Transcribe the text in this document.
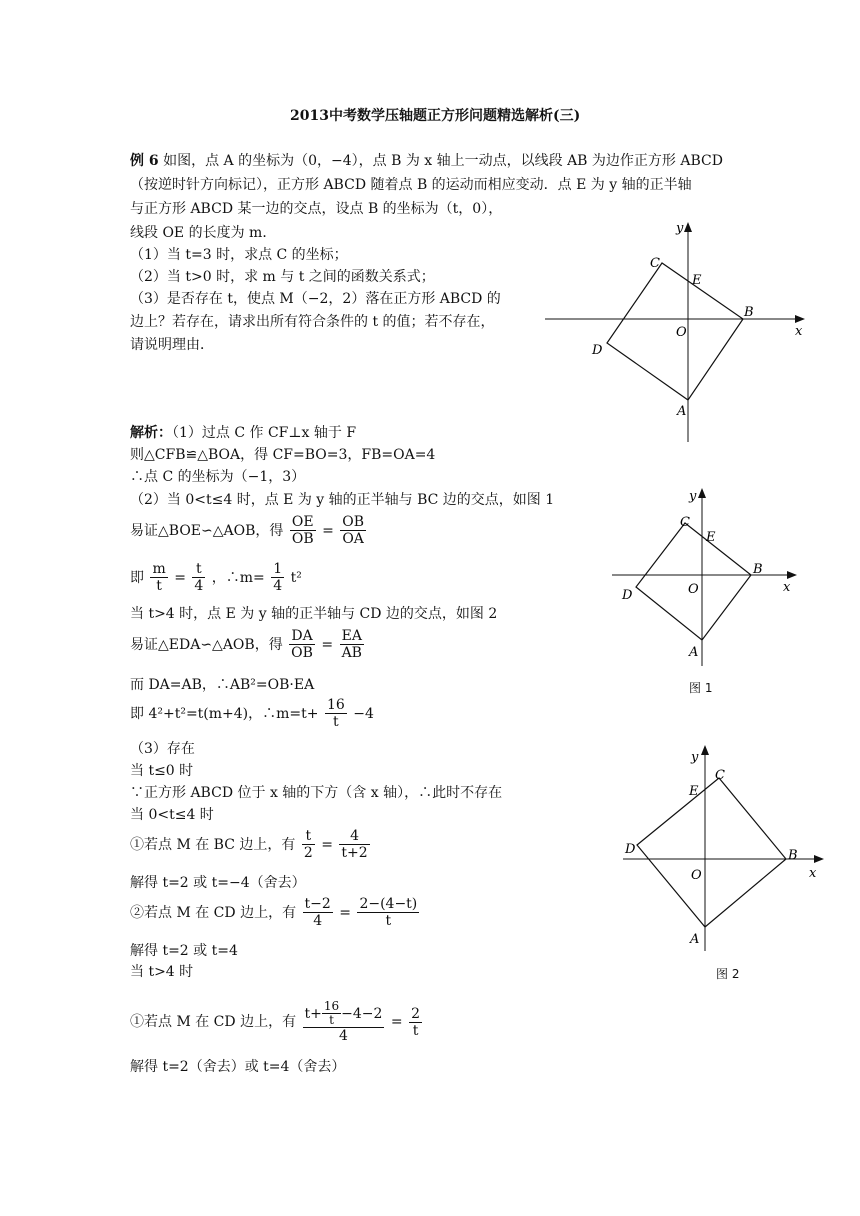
2013中考数学压轴题正方形问题精选解析(三)
例 6 如图，点 A 的坐标为（0，−4），点 B 为 x 轴上一动点，以线段 AB 为边作正方形 ABCD
（按逆时针方向标记），正方形 ABCD 随着点 B 的运动而相应变动．点 E 为 y 轴的正半轴
与正方形 ABCD 某一边的交点，设点 B 的坐标为（t，0），
线段 OE 的长度为 m．
（1）当 t=3 时，求点 C 的坐标；
（2）当 t>0 时，求 m 与 t 之间的函数关系式；
（3）是否存在 t，使点 M（−2，2）落在正方形 ABCD 的
边上？若存在，请求出所有符合条件的 t 的值；若不存在，
请说明理由．
x
y
O
A
B
C
D
E
解析：（1）过点 C 作 CF⊥x 轴于 F
则△CFB≌△BOA，得 CF=BO=3，FB=OA=4
∴点 C 的坐标为（−1，3）
（2）当 0<t≤4 时，点 E 为 y 轴的正半轴与 BC 边的交点，如图 1
易证△BOE∽△AOB，得 $\frac{OE}{OB} = \frac{OB}{OA}$
即 $\frac{m}{t} = \frac{t}{4}$ ，∴m= $\frac{1}{4} t^2$
当 t>4 时，点 E 为 y 轴的正半轴与 CD 边的交点，如图 2
易证△EDA∽△AOB，得 $\frac{DA}{OB} = \frac{EA}{AB}$
而 DA=AB，∴AB²=OB·EA
即 4²+t²=t(m+4)，∴m=t+ $\frac{16}{t} -4$
（3）存在
当 t≤0 时
∵正方形 ABCD 位于 x 轴的下方（含 x 轴），∴此时不存在
当 0<t≤4 时
①若点 M 在 BC 边上，有 $\frac{t}{2} = \frac{4}{t+2}$
解得 t=2 或 t=−4（舍去）
②若点 M 在 CD 边上，有 $\frac{t-2}{4} = \frac{2-(4-t)}{t}$
解得 t=2 或 t=4
当 t>4 时
①若点 M 在 CD 边上，有 $\frac{t+ \frac{16}{t} -4-2}{4} = \frac{2}{t}$
解得 t=2（舍去）或 t=4（舍去）
x
y
O
A
B
C
D
E
图 1
x
y
O
A
B
C
D
E
图 2
